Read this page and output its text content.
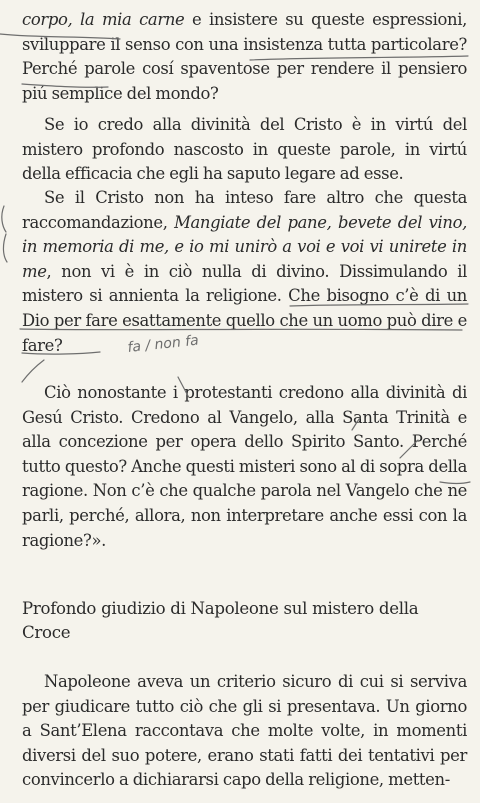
corpo, la mia carne e insistere su queste espressioni, sviluppare il senso con una insistenza tutta particolare? Perché parole cosí spaventose per rendere il pensiero piú semplice del mondo?

Se io credo alla divinità del Cristo è in virtú del mistero profondo nascosto in queste parole, in virtú della efficacia che egli ha saputo legare ad esse.

Se il Cristo non ha inteso fare altro che questa raccomandazione, Mangiate del pane, bevete del vino, in memoria di me, e io mi unirò a voi e voi vi unirete in me, non vi è in ciò nulla di divino. Dissimulando il mistero si annienta la religione. Che bisogno c’è di un Dio per fare esattamente quello che un uomo può dire e fare?

Ciò nonostante i protestanti credono alla divinità di Gesú Cristo. Credono al Vangelo, alla Santa Trinità e alla concezione per opera dello Spirito Santo. Perché tutto questo? Anche questi misteri sono al di sopra della ragione. Non c’è che qualche parola nel Vangelo che ne parli, perché, allora, non interpretare anche essi con la ragione?».

Profondo giudizio di Napoleone sul mistero della Croce

Napoleone aveva un criterio sicuro di cui si serviva per giudicare tutto ciò che gli si presentava. Un giorno a Sant’Elena raccontava che molte volte, in momenti diversi del suo potere, erano stati fatti dei tentativi per convincerlo a dichiararsi capo della religione, metten-

fa / non fa
